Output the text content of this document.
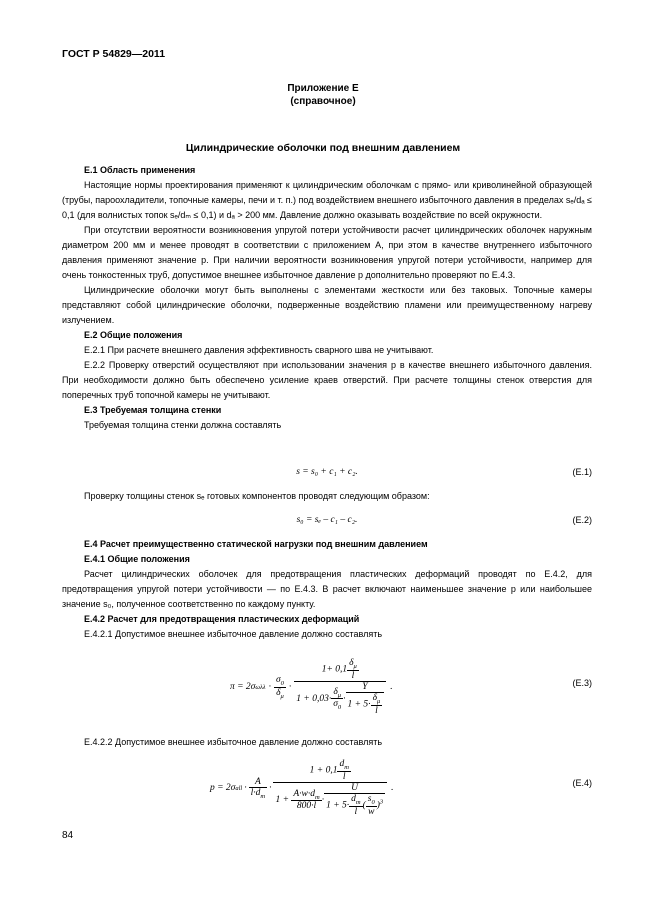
ГОСТ Р 54829—2011
Приложение Е
(справочное)
Цилиндрические оболочки под внешним давлением

Е.1 Область применения

Настоящие нормы проектирования применяют к цилиндрическим оболочкам с прямо- или криволинейной образующей (трубы, пароохладители, топочные камеры, печи и т. п.) под воздействием внешнего избыточного давления в пределах sₑ/dₐ ≤ 0,1 (для волнистых топок sₑ/dₘ ≤ 0,1) и dₐ > 200 мм. Давление должно оказывать воздействие по всей окружности.

При отсутствии вероятности возникновения упругой потери устойчивости расчет цилиндрических оболочек наружным диаметром 200 мм и менее проводят в соответствии с приложением А, при этом в качестве внутреннего избыточного давления применяют значение p. При наличии вероятности возникновения упругой потери устойчивости, например для очень тонкостенных труб, допустимое внешнее избыточное давление p дополнительно проверяют по Е.4.3.

Цилиндрические оболочки могут быть выполнены с элементами жесткости или без таковых. Топочные камеры представляют собой цилиндрические оболочки, подверженные воздействию пламени или преимущественному нагреву излучением.

Е.2 Общие положения

Е.2.1 При расчете внешнего давления эффективность сварного шва не учитывают.

Е.2.2 Проверку отверстий осуществляют при использовании значения p в качестве внешнего избыточного давления. При необходимости должно быть обеспечено усиление краев отверстий. При расчете толщины стенок отверстия для поперечных труб топочной камеры не учитывают.

Е.3 Требуемая толщина стенки

Требуемая толщина стенки должна составлять

s = s₀ + c₁ + c₂.	(Е.1)

Проверку толщины стенок sₑ готовых компонентов проводят следующим образом:

s₀ = sₑ – c₁ – c₂.	(Е.2)

Е.4 Расчет преимущественно статической нагрузки под внешним давлением

Е.4.1 Общие положения

Расчет цилиндрических оболочек для предотвращения пластических деформаций проводят по Е.4.2, для предотвращения упругой потери устойчивости — по Е.4.3. В расчет включают наименьшее значение p или наибольшее значение s₀, полученное соответственно по каждому пункту.

Е.4.2 Расчет для предотвращения пластических деформаций

Е.4.2.1 Допустимое внешнее избыточное давление должно составлять

π = 2σ $\omega\lambda\lambda \cdot \frac{\sigma_0}{\delta_\mu} \cdot \frac{1+ 0,1 \frac{\delta_\mu}{l}}{1 + 0,03\cdot \frac{\delta_\mu}{\sigma_0} \cdot \frac{Y}{1 + 5\cdot \frac{\delta_\mu}{l}}}$ .	(Е.3)

Е.4.2.2 Допустимое внешнее избыточное давление должно составлять

p = 2σ all · $\frac{A}{l\cdot d_m} \cdot \frac{1 + 0,1 \frac{d_m}{l}}{1 + \frac{A\cdot w\cdot d_m}{800\cdot l} \cdot \frac{U}{1 + 5\cdot \frac{d_m}{l} ( \frac{s_0}{w} )^3}}$ .	(Е.4)
84
